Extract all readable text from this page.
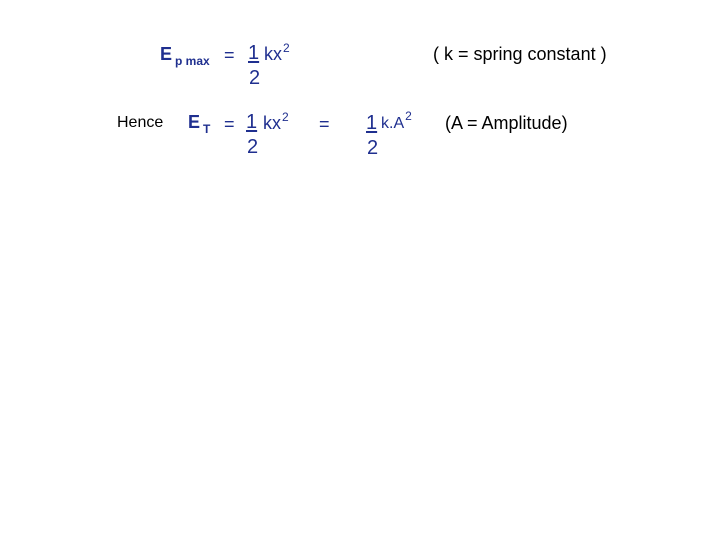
E p max = 1
2
$kx^2$	( k = spring constant )
Hence E T = 1
2
$kx^2 = 1$
2
$k.A^2$ (A = Amplitude)
